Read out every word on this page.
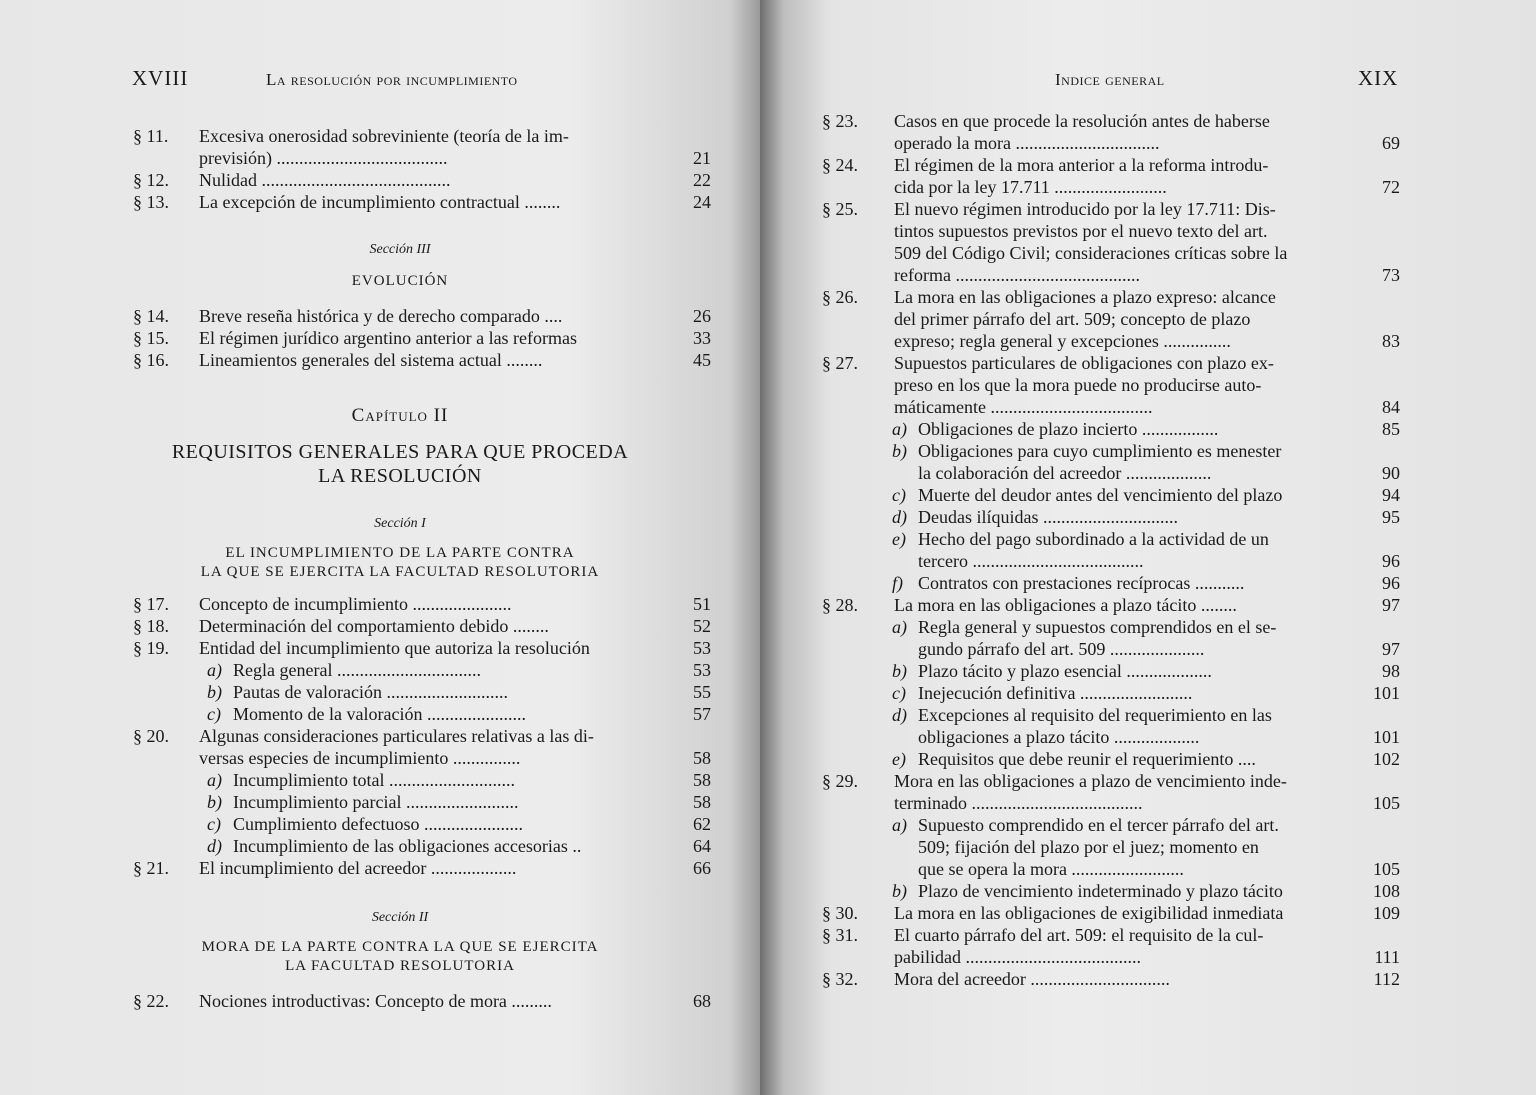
XVIII	La resolución por incumplimiento
§ 11. Excesiva onerosidad sobreviniente (teoría de la im-
previsión) ......................................	21
§ 12. Nulidad ..........................................	22
§ 13. La excepción de incumplimiento contractual ........	24
Sección III
EVOLUCIÓN
§ 14. Breve reseña histórica y de derecho comparado ....	26
§ 15. El régimen jurídico argentino anterior a las reformas	33
§ 16. Lineamientos generales del sistema actual ........	45
Capítulo II
REQUISITOS GENERALES PARA QUE PROCEDA
LA RESOLUCIÓN
Sección I
EL INCUMPLIMIENTO DE LA PARTE CONTRA
LA QUE SE EJERCITA LA FACULTAD RESOLUTORIA
§ 17. Concepto de incumplimiento ......................	51
§ 18. Determinación del comportamiento debido ........	52
§ 19. Entidad del incumplimiento que autoriza la resolución	53
a) Regla general ................................	53
b) Pautas de valoración ...........................	55
c) Momento de la valoración ......................	57
§ 20. Algunas consideraciones particulares relativas a las di-
versas especies de incumplimiento ...............	58
a) Incumplimiento total ............................	58
b) Incumplimiento parcial .........................	58
c) Cumplimiento defectuoso ......................	62
d) Incumplimiento de las obligaciones accesorias ..	64
§ 21. El incumplimiento del acreedor ...................	66
Sección II
MORA DE LA PARTE CONTRA LA QUE SE EJERCITA
LA FACULTAD RESOLUTORIA
§ 22. Nociones introductivas: Concepto de mora .........	68
Indice general	XIX
§ 23. Casos en que procede la resolución antes de haberse
operado la mora ................................	69
§ 24. El régimen de la mora anterior a la reforma introdu-
cida por la ley 17.711 .........................	72
§ 25. El nuevo régimen introducido por la ley 17.711: Dis-
tintos supuestos previstos por el nuevo texto del art.
509 del Código Civil; consideraciones críticas sobre la
reforma .........................................	73
§ 26. La mora en las obligaciones a plazo expreso: alcance
del primer párrafo del art. 509; concepto de plazo
expreso; regla general y excepciones ...............	83
§ 27. Supuestos particulares de obligaciones con plazo ex-
preso en los que la mora puede no producirse auto-
máticamente ....................................	84
a) Obligaciones de plazo incierto .................	85
b) Obligaciones para cuyo cumplimiento es menester
la colaboración del acreedor ...................	90
c) Muerte del deudor antes del vencimiento del plazo	94
d) Deudas ilíquidas ..............................	95
e) Hecho del pago subordinado a la actividad de un
tercero ......................................	96
f) Contratos con prestaciones recíprocas ...........	96
§ 28. La mora en las obligaciones a plazo tácito ........	97
a) Regla general y supuestos comprendidos en el se-
gundo párrafo del art. 509 .....................	97
b) Plazo tácito y plazo esencial ...................	98
c) Inejecución definitiva .........................	101
d) Excepciones al requisito del requerimiento en las
obligaciones a plazo tácito ...................	101
e) Requisitos que debe reunir el requerimiento ....	102
§ 29. Mora en las obligaciones a plazo de vencimiento inde-
terminado ......................................	105
a) Supuesto comprendido en el tercer párrafo del art.
509; fijación del plazo por el juez; momento en
que se opera la mora .........................	105
b) Plazo de vencimiento indeterminado y plazo tácito	108
§ 30. La mora en las obligaciones de exigibilidad inmediata	109
§ 31. El cuarto párrafo del art. 509: el requisito de la cul-
pabilidad .......................................	111
§ 32. Mora del acreedor ...............................	112
